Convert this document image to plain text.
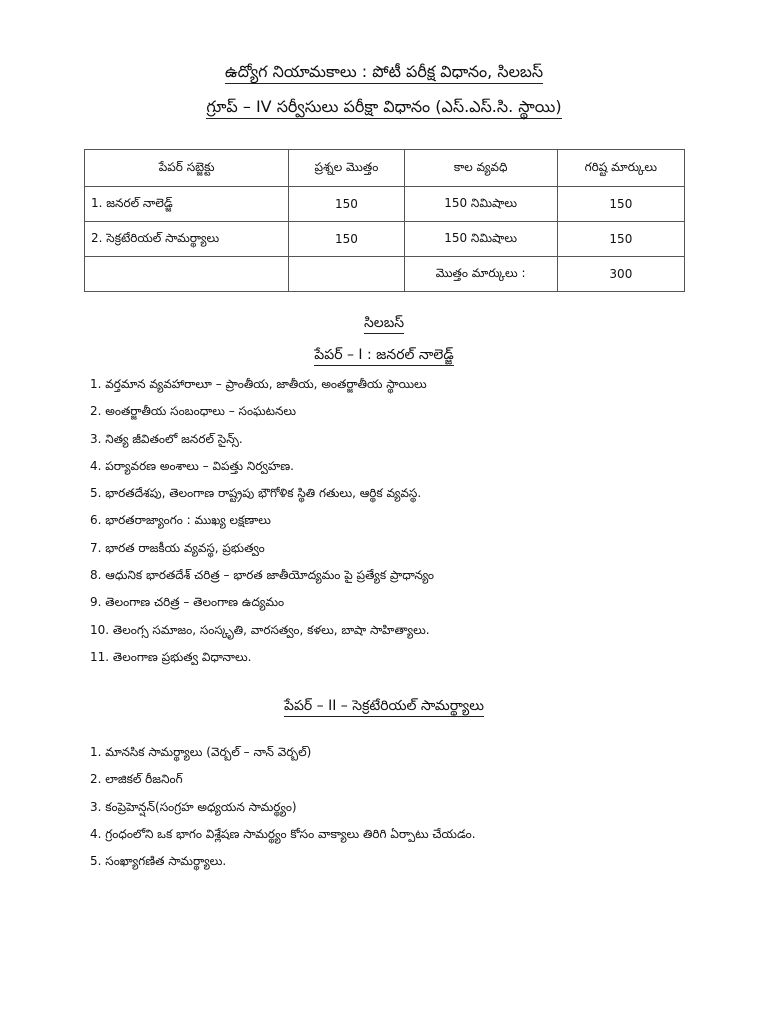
ఉద్యోగ నియామకాలు : పోటీ పరీక్ష విధానం, సిలబస్
గ్రూప్ – IV సర్వీసులు పరీక్షా విధానం (ఎస్.ఎస్.సి. స్థాయి)
పేపర్ సబ్జెక్టు	ప్రశ్నల మొత్తం	కాల వ్యవధి	గరిష్ట మార్కులు
1. జనరల్ నాలెడ్జ్	150	150 నిమిషాలు	150
2. సెక్రటేరియల్ సామర్థ్యాలు	150	150 నిమిషాలు	150
		మొత్తం మార్కులు :	300
సిలబస్
పేపర్ – I : జనరల్ నాలెడ్జ్
1. వర్తమాన వ్యవహారాలూ – ప్రాంతీయ, జాతీయ, అంతర్జాతీయ స్థాయిలు
2. అంతర్జాతీయ సంబంధాలు – సంఘటనలు
3. నిత్య జీవితంలో జనరల్ సైన్స్.
4. పర్యావరణ అంశాలు – విపత్తు నిర్వహణ.
5. భారతదేశపు, తెలంగాణ రాష్ట్రపు భౌగోళిక స్థితి గతులు, ఆర్థిక వ్యవస్థ.
6. భారతరాజ్యాంగం : ముఖ్య లక్షణాలు
7. భారత రాజకీయ వ్యవస్థ, ప్రభుత్వం
8. ఆధునిక భారతదేశ్ చరిత్ర – భారత జాతీయోద్యమం పై ప్రత్యేక ప్రాధాన్యం
9. తెలంగాణ చరిత్ర – తెలంగాణ ఉద్యమం
10. తెలంగ్స సమాజం, సంస్కృతి, వారసత్వం, కళలు, బాషా సాహిత్యాలు.
11. తెలంగాణ ప్రభుత్వ విధానాలు.
పేపర్ – II – సెక్రటేరియల్ సామర్థ్యాలు
1. మానసిక సామర్థ్యాలు (వెర్బల్ – నాన్ వెర్బల్)
2. లాజికల్ రీజనింగ్
3. కంప్రెహెన్షన్(సంగ్రహ అధ్యయన సామర్థ్యం)
4. గ్రంధంలోని ఒక భాగం విశ్లేషణ సామర్థ్యం కోసం వాక్యాలు తిరిగి ఏర్పాటు చేయడం.
5. సంఖ్యాగణిత సామర్థ్యాలు.
